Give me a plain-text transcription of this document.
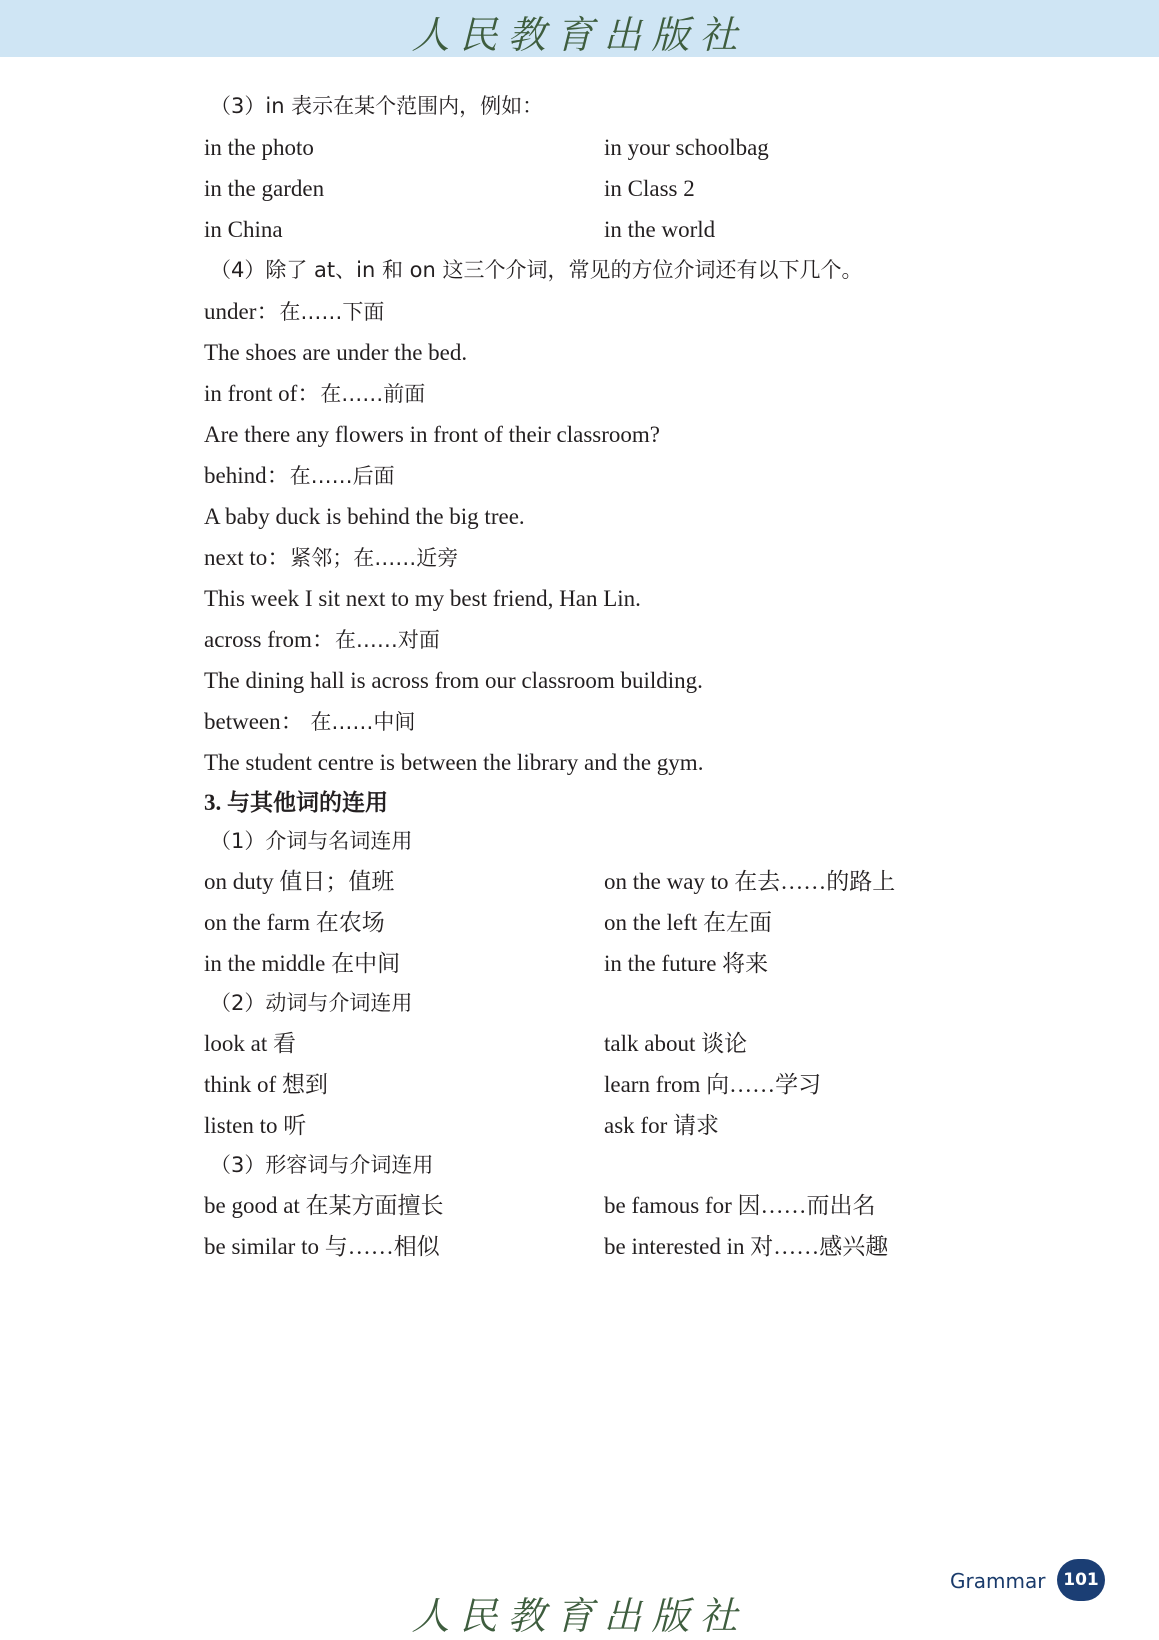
人民教育出版社
（3）in 表示在某个范围内，例如：
in the photo	in your schoolbag
in the garden	in Class 2
in China	in the world
（4）除了 at、in 和 on 这三个介词，常见的方位介词还有以下几个。
under：在……下面
The shoes are under the bed.
in front of：在……前面
Are there any flowers in front of their classroom?
behind：在……后面
A baby duck is behind the big tree.
next to：紧邻；在……近旁
This week I sit next to my best friend, Han Lin.
across from：在……对面
The dining hall is across from our classroom building.
between： 在……中间
The student centre is between the library and the gym.
3. 与其他词的连用
（1）介词与名词连用
on duty 值日；值班	on the way to 在去……的路上
on the farm 在农场	on the left 在左面
in the middle 在中间	in the future 将来
（2）动词与介词连用
look at 看	talk about 谈论
think of 想到	learn from 向……学习
listen to 听	ask for 请求
（3）形容词与介词连用
be good at 在某方面擅长	be famous for 因……而出名
be similar to 与……相似	be interested in 对……感兴趣
Grammar	101
人民教育出版社
